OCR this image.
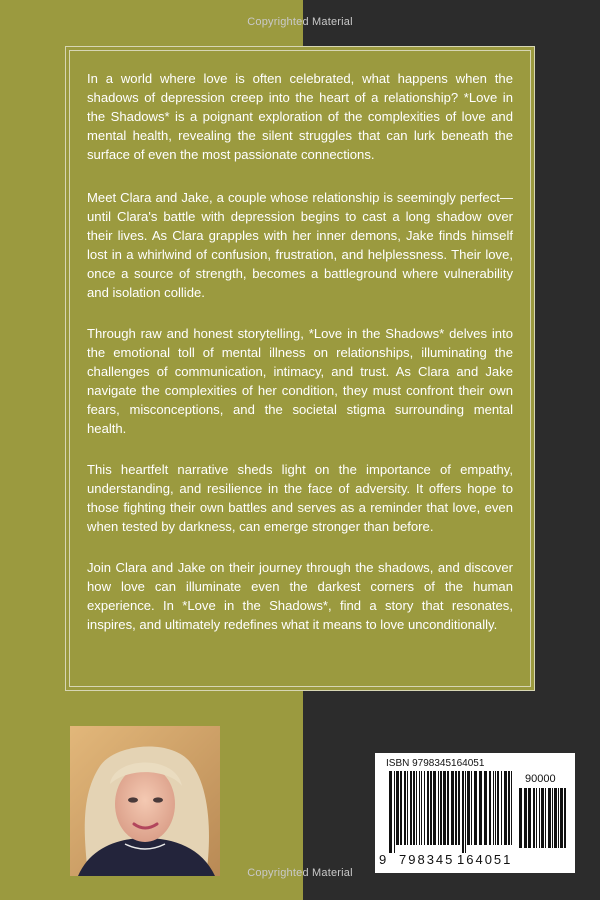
Copyrighted Material

In a world where love is often celebrated, what happens when the shadows of depression creep into the heart of a relationship? *Love in the Shadows* is a poignant exploration of the complexities of love and mental health, revealing the silent struggles that can lurk beneath the surface of even the most passionate connections.

Meet Clara and Jake, a couple whose relationship is seemingly perfect—until Clara's battle with depression begins to cast a long shadow over their lives. As Clara grapples with her inner demons, Jake finds himself lost in a whirlwind of confusion, frustration, and helplessness. Their love, once a source of strength, becomes a battleground where vulnerability and isolation collide.

Through raw and honest storytelling, *Love in the Shadows* delves into the emotional toll of mental illness on relationships, illuminating the challenges of communication, intimacy, and trust. As Clara and Jake navigate the complexities of her condition, they must confront their own fears, misconceptions, and the societal stigma surrounding mental health.

This heartfelt narrative sheds light on the importance of empathy, understanding, and resilience in the face of adversity. It offers hope to those fighting their own battles and serves as a reminder that love, even when tested by darkness, can emerge stronger than before.

Join Clara and Jake on their journey through the shadows, and discover how love can illuminate even the darkest corners of the human experience. In *Love in the Shadows*, find a story that resonates, inspires, and ultimately redefines what it means to love unconditionally.

ISBN 9798345164051
90000
9 798345 164051
Copyrighted Material
